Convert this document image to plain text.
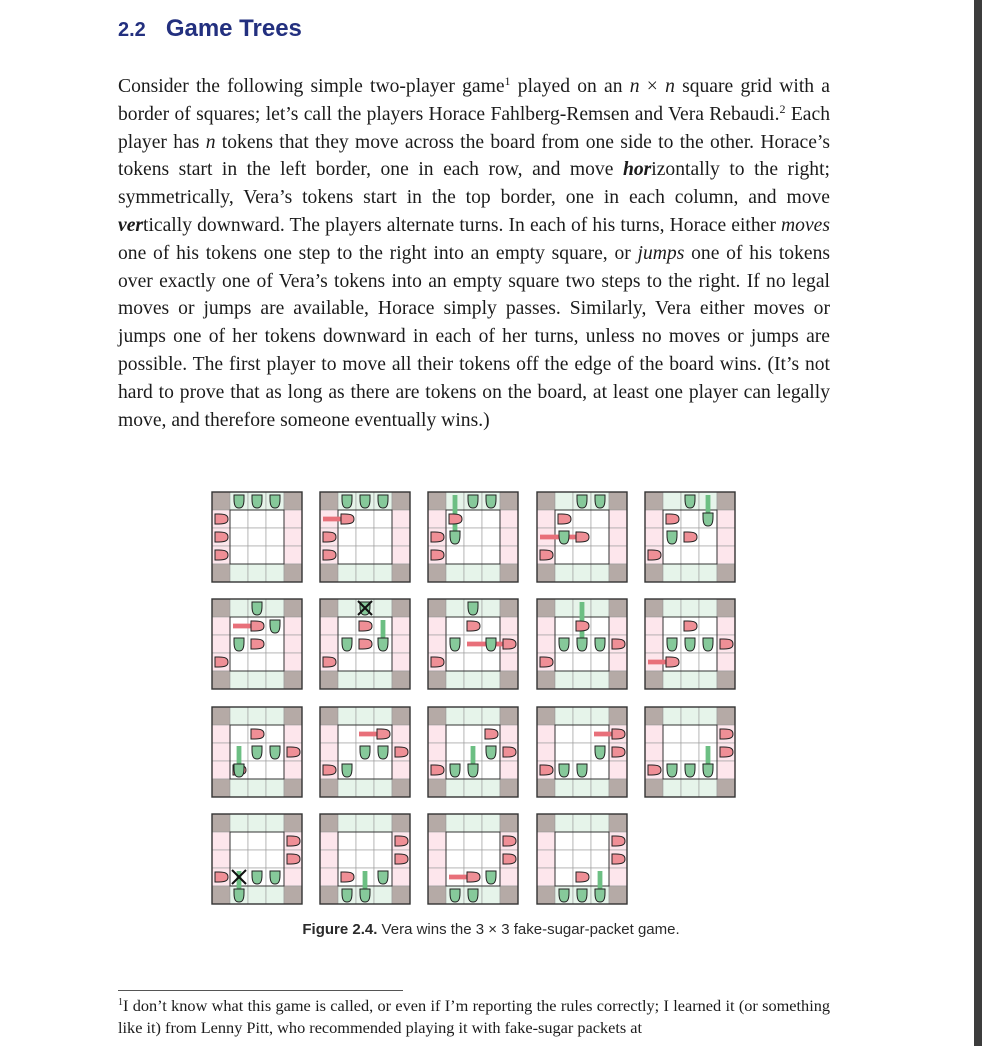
2.2 Game Trees

Consider the following simple two-player game$^1$ played on an n × n square grid with a border of squares; let’s call the players Horace Fahlberg-Remsen and Vera Rebaudi.$^2$ Each player has n tokens that they move across the board from one side to the other. Horace’s tokens start in the left border, one in each row, and move horizontally to the right; symmetrically, Vera’s tokens start in the top border, one in each column, and move vertically downward. The players alternate turns. In each of his turns, Horace either moves one of his tokens one step to the right into an empty square, or jumps one of his tokens over exactly one of Vera’s tokens into an empty square two steps to the right. If no legal moves or jumps are available, Horace simply passes. Similarly, Vera either moves or jumps one of her tokens downward in each of her turns, unless no moves or jumps are possible. The first player to move all their tokens off the edge of the board wins. (It’s not hard to prove that as long as there are tokens on the board, at least one player can legally move, and therefore someone eventually wins.)

Figure 2.4. Vera wins the 3 × 3 fake-sugar-packet game.

$^1$I don’t know what this game is called, or even if I’m reporting the rules correctly; I learned it (or something like it) from Lenny Pitt, who recommended playing it with fake-sugar packets at
